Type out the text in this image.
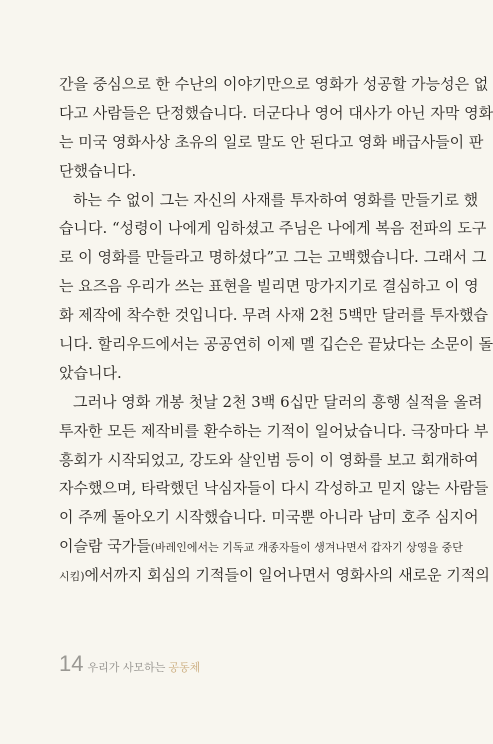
간을 중심으로 한 수난의 이야기만으로 영화가 성공할 가능성은 없
다고 사람들은 단정했습니다. 더군다나 영어 대사가 아닌 자막 영화
는 미국 영화사상 초유의 일로 말도 안 된다고 영화 배급사들이 판
단했습니다.
하는 수 없이 그는 자신의 사재를 투자하여 영화를 만들기로 했
습니다. “성령이 나에게 임하셨고 주님은 나에게 복음 전파의 도구
로 이 영화를 만들라고 명하셨다”고 그는 고백했습니다. 그래서 그
는 요즈음 우리가 쓰는 표현을 빌리면 망가지기로 결심하고 이 영
화 제작에 착수한 것입니다. 무려 사재 2천 5백만 달러를 투자했습
니다. 할리우드에서는 공공연히 이제 멜 깁슨은 끝났다는 소문이 돌
았습니다.
그러나 영화 개봉 첫날 2천 3백 6십만 달러의 흥행 실적을 올려
투자한 모든 제작비를 환수하는 기적이 일어났습니다. 극장마다 부
흥회가 시작되었고, 강도와 살인범 등이 이 영화를 보고 회개하여
자수했으며, 타락했던 낙심자들이 다시 각성하고 믿지 않는 사람들
이 주께 돌아오기 시작했습니다. 미국뿐 아니라 남미 호주 심지어
이슬람 국가들(바레인에서는 기독교 개종자들이 생겨나면서 갑자기 상영을 중단
시킴)에서까지 회심의 기적들이 일어나면서 영화사의 새로운 기적의
14 우리가 사모하는 공동체
